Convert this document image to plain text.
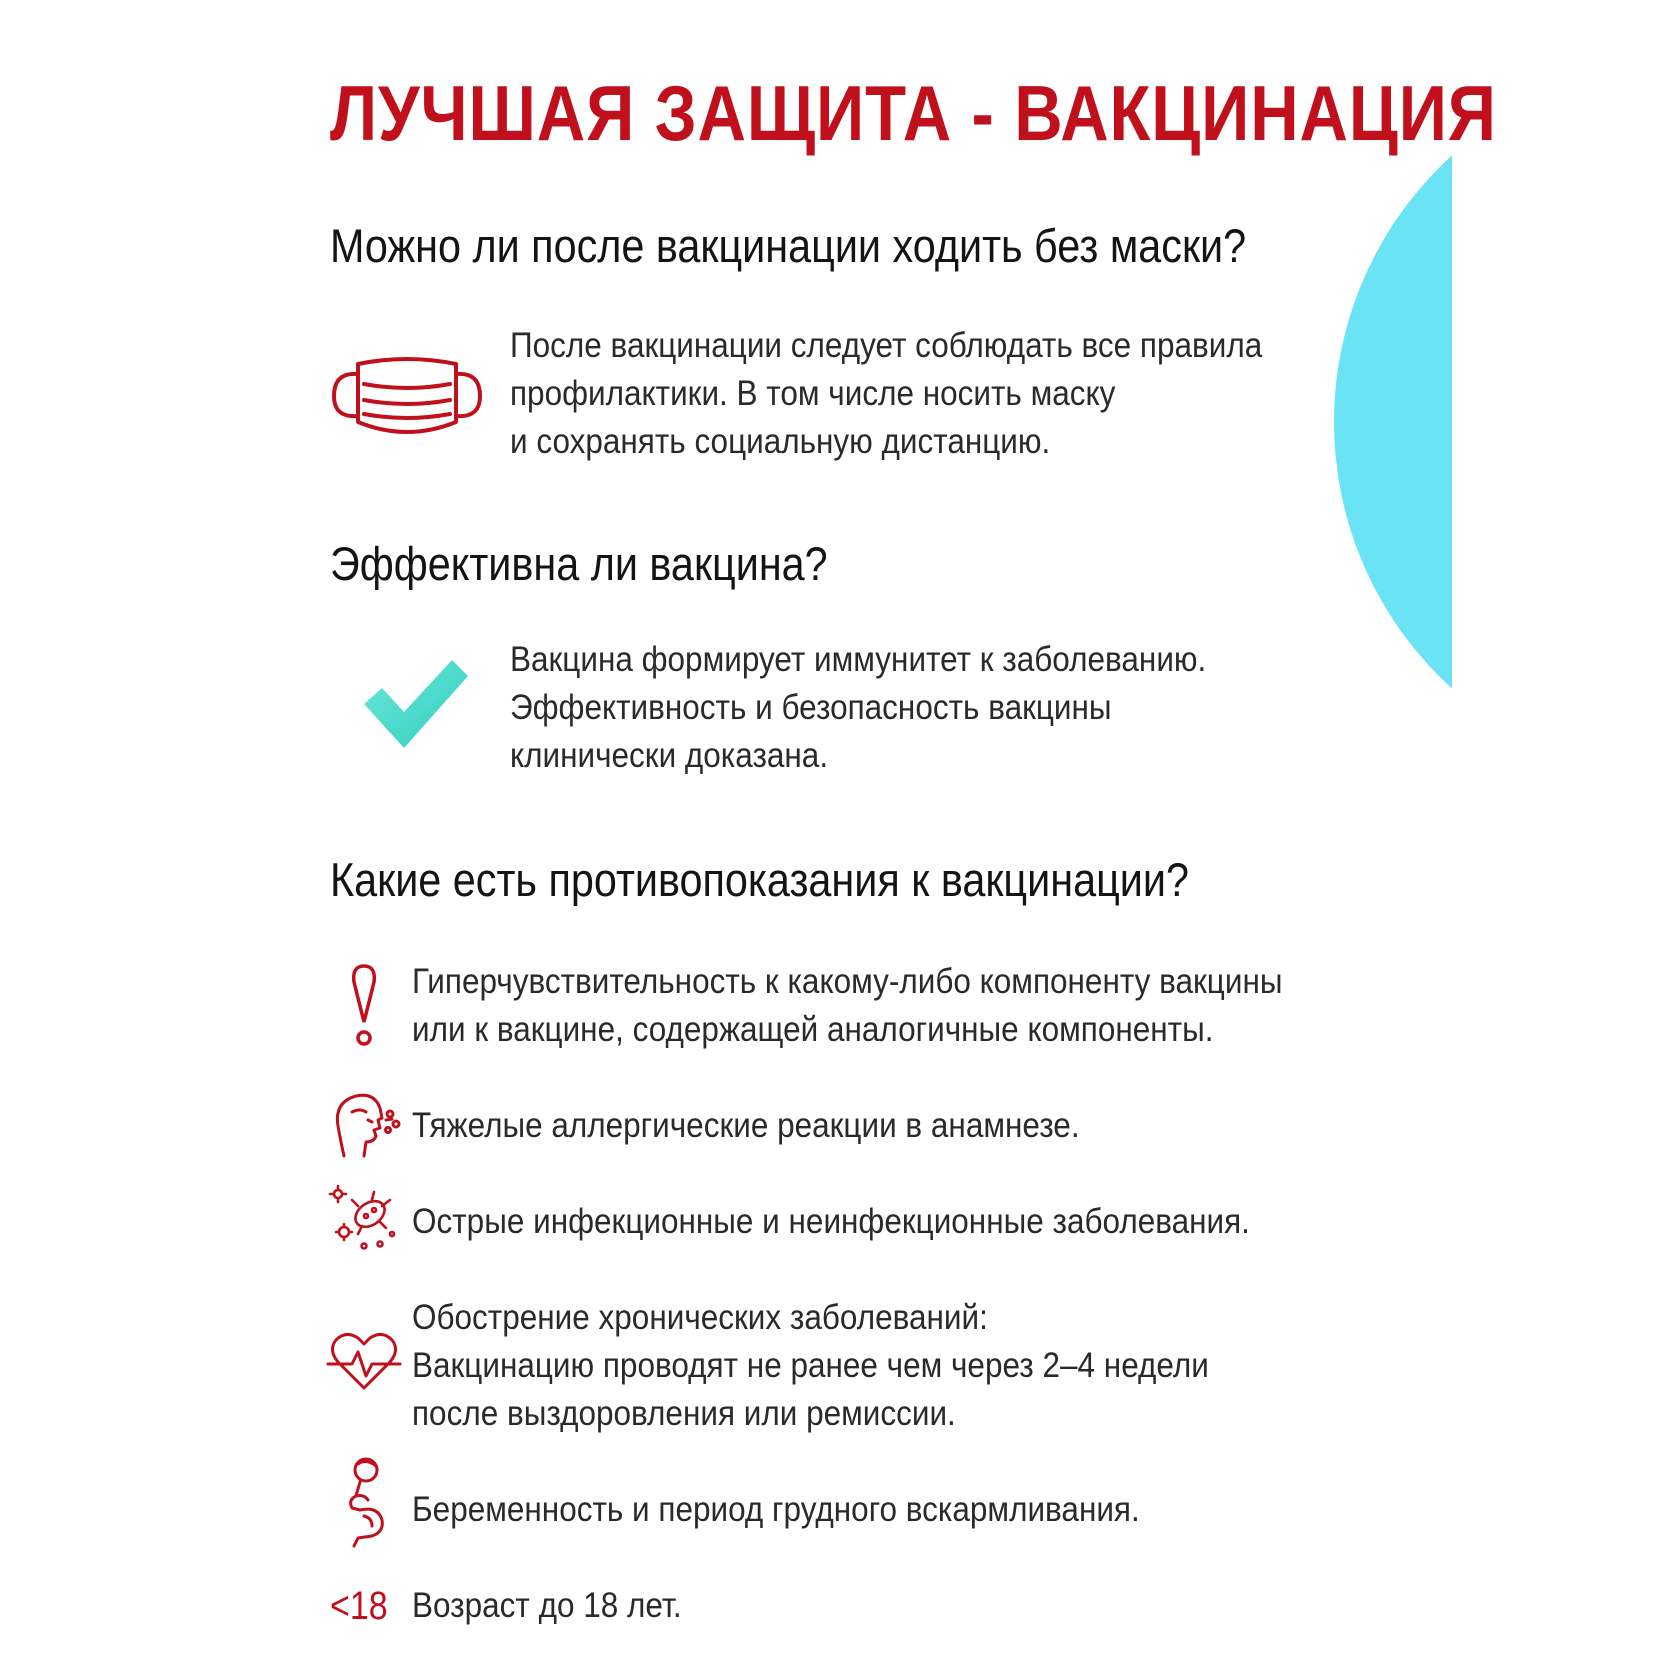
ЛУЧШАЯ ЗАЩИТА - ВАКЦИНАЦИЯ
Можно ли после вакцинации ходить без маски?

После вакцинации следует соблюдать все правила
профилактики. В том числе носить маску
и сохранять социальную дистанцию.

Эффективна ли вакцина?

Вакцина формирует иммунитет к заболеванию.
Эффективность и безопасность вакцины
клинически доказана.

Какие есть противопоказания к вакцинации?

Гиперчувствительность к какому-либо компоненту вакцины
или к вакцине, содержащей аналогичные компоненты.

Тяжелые аллергические реакции в анамнезе.

Острые инфекционные и неинфекционные заболевания.

Обострение хронических заболеваний:
Вакцинацию проводят не ранее чем через 2–4 недели
после выздоровления или ремиссии.

Беременность и период грудного вскармливания.

<18 Возраст до 18 лет.
